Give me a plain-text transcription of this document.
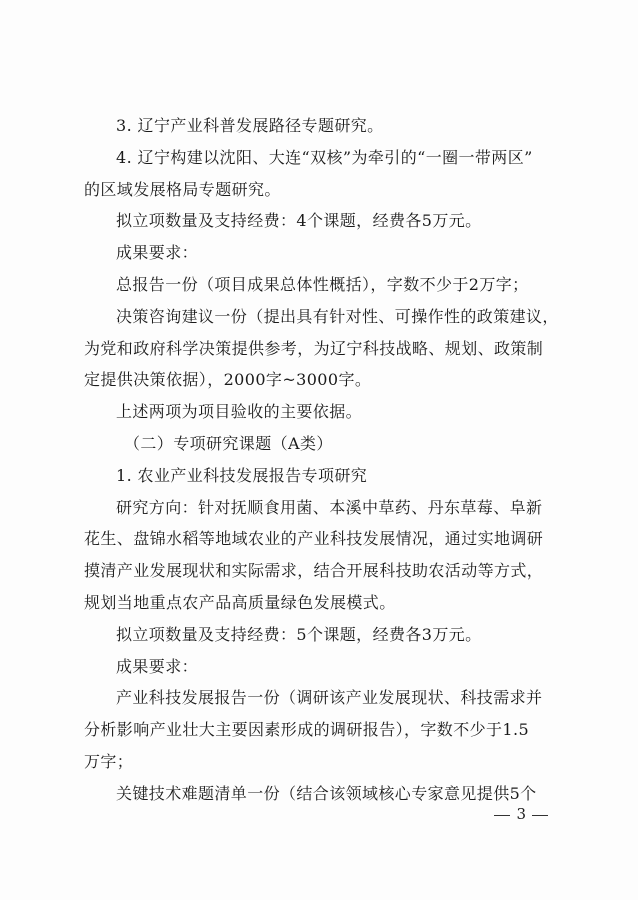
3. 辽宁产业科普发展路径专题研究。
4. 辽宁构建以沈阳、大连“双核”为牵引的“一圈一带两区”
的区域发展格局专题研究。
拟立项数量及支持经费：4个课题，经费各5万元。
成果要求：
总报告一份（项目成果总体性概括），字数不少于2万字；
决策咨询建议一份（提出具有针对性、可操作性的政策建议，
为党和政府科学决策提供参考，为辽宁科技战略、规划、政策制
定提供决策依据），2000字~3000字。
上述两项为项目验收的主要依据。
（二）专项研究课题（A类）
1. 农业产业科技发展报告专项研究
研究方向：针对抚顺食用菌、本溪中草药、丹东草莓、阜新
花生、盘锦水稻等地域农业的产业科技发展情况，通过实地调研
摸清产业发展现状和实际需求，结合开展科技助农活动等方式，
规划当地重点农产品高质量绿色发展模式。
拟立项数量及支持经费：5个课题，经费各3万元。
成果要求：
产业科技发展报告一份（调研该产业发展现状、科技需求并
分析影响产业壮大主要因素形成的调研报告），字数不少于1.5
万字；
关键技术难题清单一份（结合该领域核心专家意见提供5个
3
